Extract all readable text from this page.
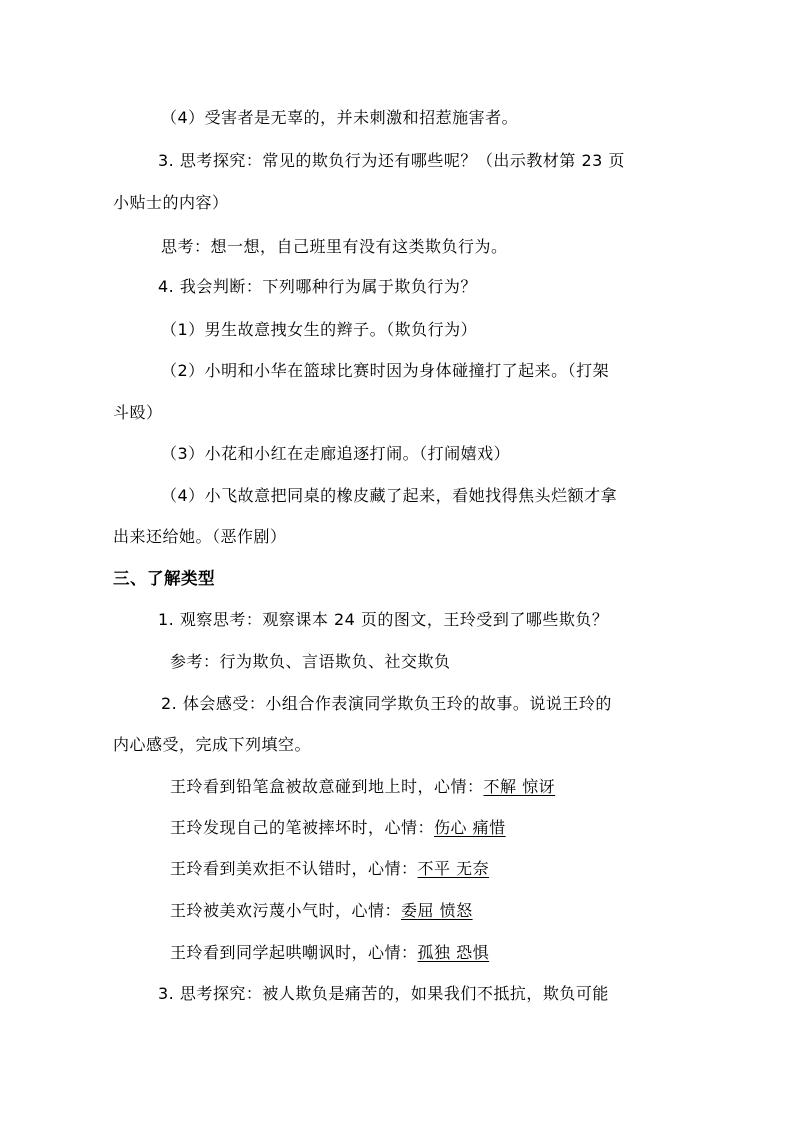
（4）受害者是无辜的，并未刺激和招惹施害者。
3. 思考探究：常见的欺负行为还有哪些呢？（出示教材第 23 页
小贴士的内容）
思考：想一想，自己班里有没有这类欺负行为。
4. 我会判断：下列哪种行为属于欺负行为？
（1）男生故意拽女生的辫子。（欺负行为）
（2）小明和小华在篮球比赛时因为身体碰撞打了起来。（打架
斗殴）
（3）小花和小红在走廊追逐打闹。（打闹嬉戏）
（4）小飞故意把同桌的橡皮藏了起来，看她找得焦头烂额才拿
出来还给她。（恶作剧）
三、了解类型
1. 观察思考：观察课本 24 页的图文，王玲受到了哪些欺负？
参考：行为欺负、言语欺负、社交欺负
2. 体会感受：小组合作表演同学欺负王玲的故事。说说王玲的
内心感受，完成下列填空。
王玲看到铅笔盒被故意碰到地上时，心情：不解 惊讶
王玲发现自己的笔被摔坏时，心情：伤心 痛惜
王玲看到美欢拒不认错时，心情：不平 无奈
王玲被美欢污蔑小气时，心情：委屈 愤怒
王玲看到同学起哄嘲讽时，心情：孤独 恐惧
3. 思考探究：被人欺负是痛苦的，如果我们不抵抗，欺负可能
